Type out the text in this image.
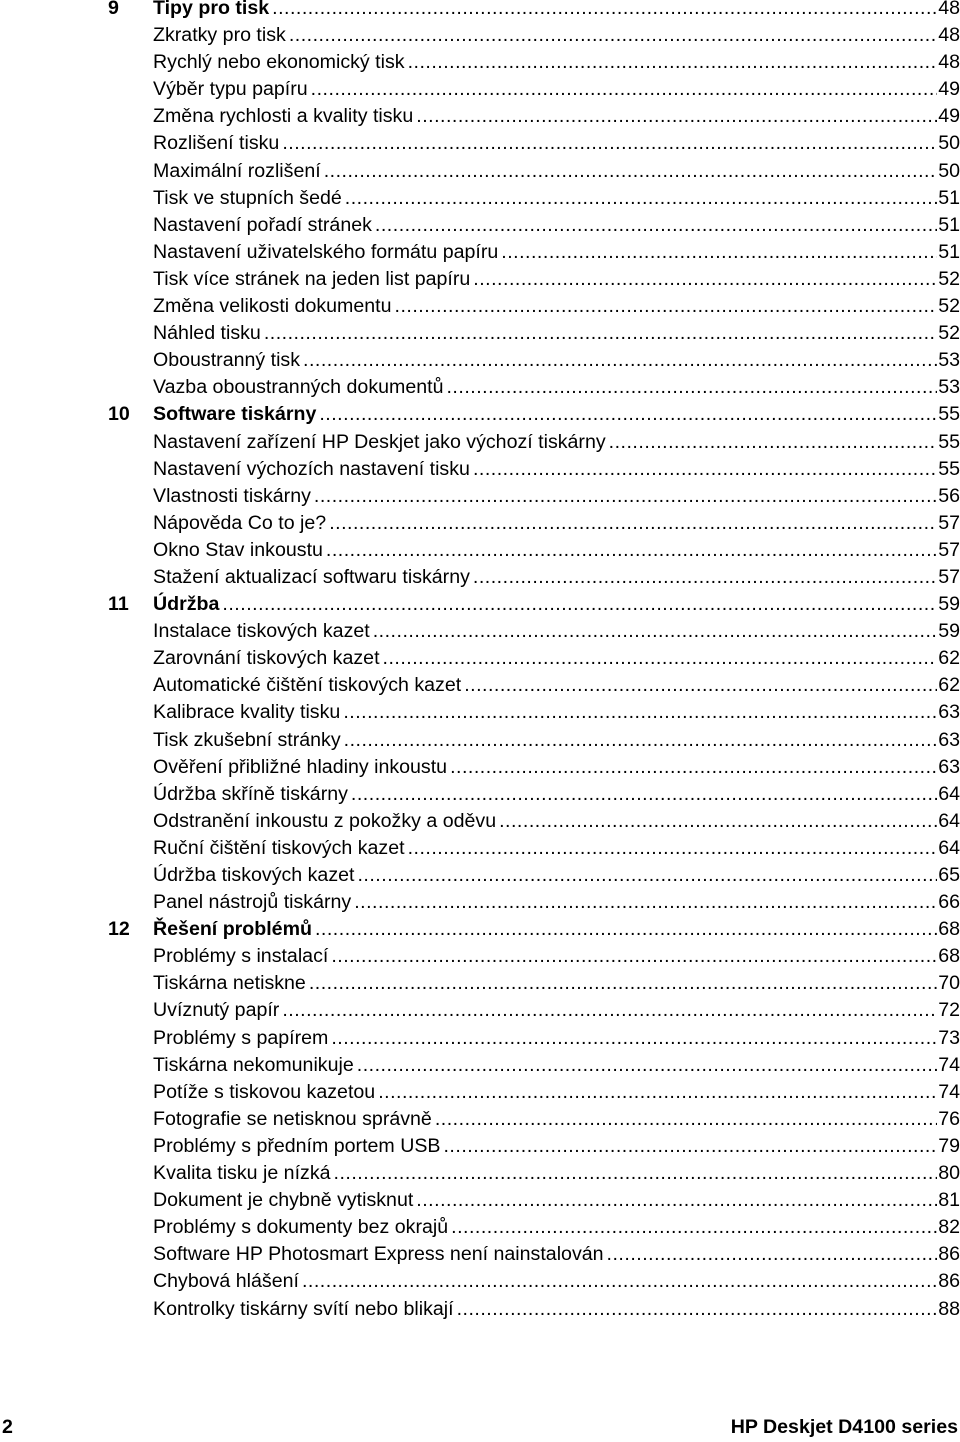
9 Tipy pro tisk .....	48
Zkratky pro tisk .....	48
Rychlý nebo ekonomický tisk .....	48
Výběr typu papíru .....	49
Změna rychlosti a kvality tisku .....	49
Rozlišení tisku .....	50
Maximální rozlišení .....	50
Tisk ve stupních šedé .....	51
Nastavení pořadí stránek .....	51
Nastavení uživatelského formátu papíru .....	51
Tisk více stránek na jeden list papíru .....	52
Změna velikosti dokumentu .....	52
Náhled tisku .....	52
Oboustranný tisk .....	53
Vazba oboustranných dokumentů .....	53
10 Software tiskárny .....	55
Nastavení zařízení HP Deskjet jako výchozí tiskárny .....	55
Nastavení výchozích nastavení tisku .....	55
Vlastnosti tiskárny .....	56
Nápověda Co to je? .....	57
Okno Stav inkoustu .....	57
Stažení aktualizací softwaru tiskárny .....	57
11 Údržba .....	59
Instalace tiskových kazet .....	59
Zarovnání tiskových kazet .....	62
Automatické čištění tiskových kazet .....	62
Kalibrace kvality tisku .....	63
Tisk zkušební stránky .....	63
Ověření přibližné hladiny inkoustu .....	63
Údržba skříně tiskárny .....	64
Odstranění inkoustu z pokožky a oděvu .....	64
Ruční čištění tiskových kazet .....	64
Údržba tiskových kazet .....	65
Panel nástrojů tiskárny .....	66
12 Řešení problémů .....	68
Problémy s instalací .....	68
Tiskárna netiskne .....	70
Uvíznutý papír .....	72
Problémy s papírem .....	73
Tiskárna nekomunikuje .....	74
Potíže s tiskovou kazetou .....	74
Fotografie se netisknou správně .....	76
Problémy s předním portem USB .....	79
Kvalita tisku je nízká .....	80
Dokument je chybně vytisknut .....	81
Problémy s dokumenty bez okrajů .....	82
Software HP Photosmart Express není nainstalován .....	86
Chybová hlášení .....	86
Kontrolky tiskárny svítí nebo blikají .....	88
2	HP Deskjet D4100 series
